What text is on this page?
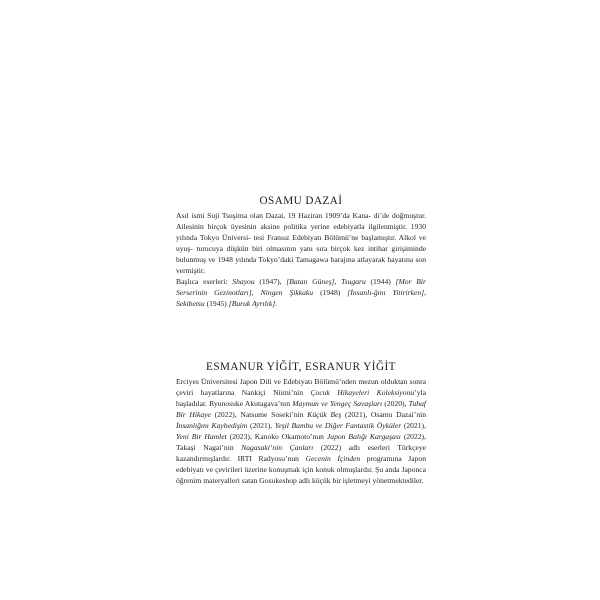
OSAMU DAZAİ

Asıl ismi Suji Tsuşima olan Dazai, 19 Haziran 1909’da Kana- di’de doğmuştur. Ailesinin birçok üyesinin aksine politika yerine edebiyatla ilgilenmiştir. 1930 yılında Tokyo Üniversi- tesi Fransız Edebiyatı Bölümü’ne başlamıştır. Alkol ve uyuş- turucuya düşkün biri olmasının yanı sıra birçok kez intihar girişiminde bulunmuş ve 1948 yılında Tokyo’daki Tamagawa barajına atlayarak hayatına son vermiştir.

Başlıca eserleri: Shayou (1947), [Batan Güneş], Tsugaru (1944) [Mor Bir Serserinin Gezinotları], Ningen Şikkaku (1948) [İnsanlı-ğını Yitirirken], Sekibetsu (1945) [Buruk Ayrılık].

ESMANUR YİĞİT, ESRANUR YİĞİT

Erciyes Üniversitesi Japon Dili ve Edebiyatı Bölümü’nden mezun olduktan sonra çeviri hayatlarına Nankiçi Niimi’nin Çocuk Hikayeleri Koleksiyonu’yla başladılar. Ryunosuke Akutagava’nın Maymun ve Yengeç Savaşları (2020), Tuhaf Bir Hikaye (2022), Natsume Soseki’nin Küçük Beş (2021), Osamu Dazai’nin İnsanlığını Kaybedişim (2021), Yeşil Bambu ve Diğer Fantastik Öyküler (2021), Yeni Bir Hamlet (2023), Kanoko Okamoto’nun Japon Balığı Kargaşası (2022), Takaşi Nagai’nin Nagasaki’nin Çanları (2022) adlı eserleri Türkçeye kazandırmışlardır. IRTI Radyosu’nun Gecenin İçinden programına Japon edebiyatı ve çevirileri üzerine konuşmak için konuk olmuşlardır. Şu anda Japonca öğrenim materyalleri satan Gosukeshop adlı küçük bir işletmeyi yönetmektediler.
